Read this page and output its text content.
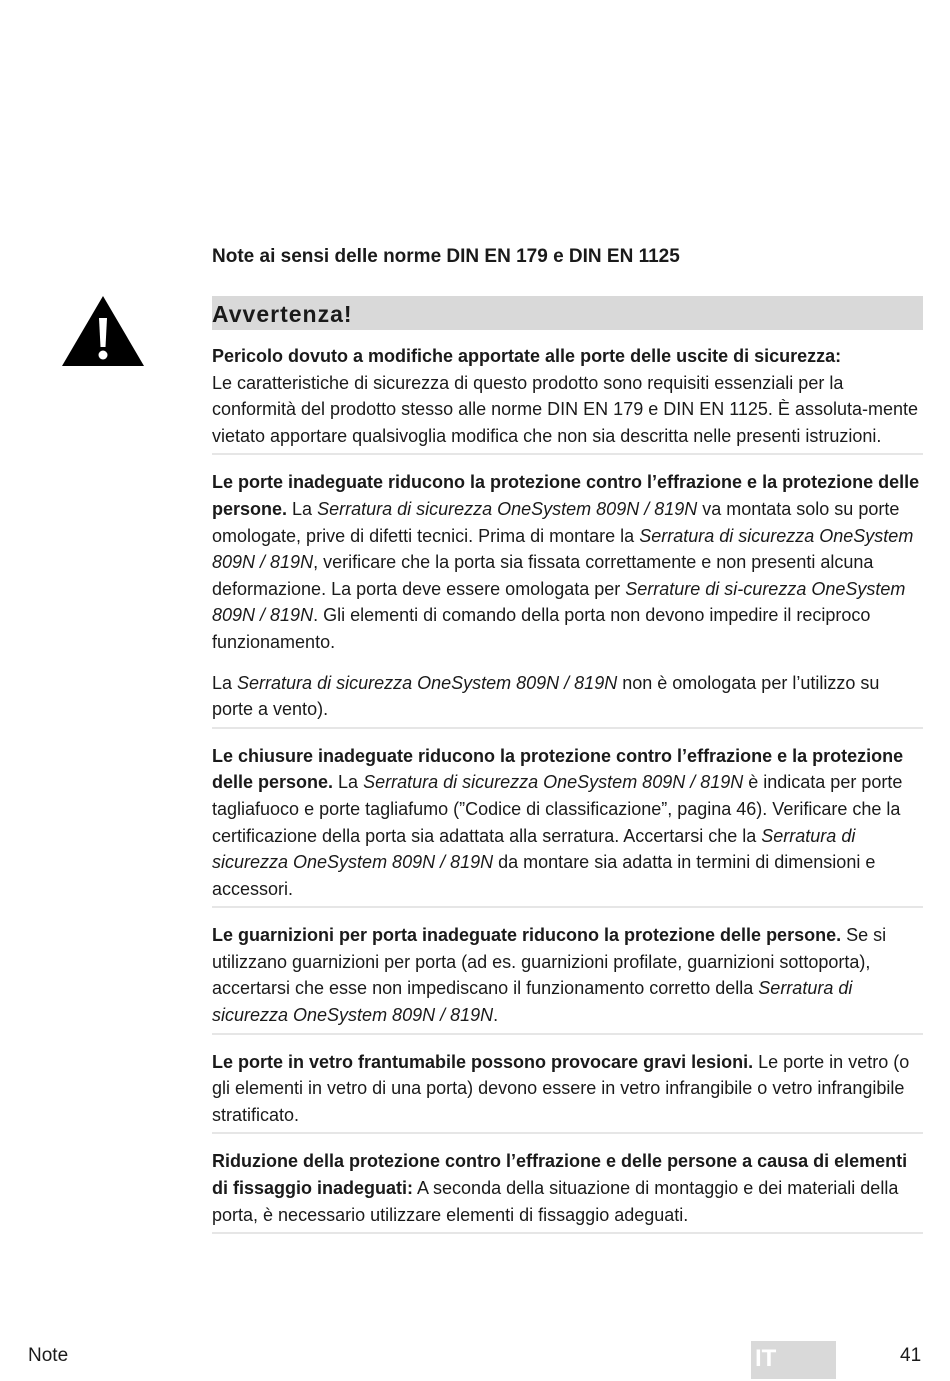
Note ai sensi delle norme DIN EN 179 e DIN EN 1125
Avvertenza!

Pericolo dovuto a modifiche apportate alle porte delle uscite di sicurezza:
Le caratteristiche di sicurezza di questo prodotto sono requisiti essenziali per la conformità del prodotto stesso alle norme DIN EN 179 e DIN EN 1125. È assoluta-mente vietato apportare qualsivoglia modifica che non sia descritta nelle presenti istruzioni.

Le porte inadeguate riducono la protezione contro l’effrazione e la protezione delle persone. La Serratura di sicurezza OneSystem 809N / 819N va montata solo su porte omologate, prive di difetti tecnici. Prima di montare la Serratura di sicurezza OneSystem 809N / 819N, verificare che la porta sia fissata correttamente e non presenti alcuna deformazione. La porta deve essere omologata per Serrature di si-curezza OneSystem 809N / 819N. Gli elementi di comando della porta non devono impedire il reciproco funzionamento.

La Serratura di sicurezza OneSystem 809N / 819N non è omologata per l’utilizzo su porte a vento).

Le chiusure inadeguate riducono la protezione contro l’effrazione e la protezione delle persone. La Serratura di sicurezza OneSystem 809N / 819N è indicata per porte tagliafuoco e porte tagliafumo (”Codice di classificazione”, pagina 46). Verificare che la certificazione della porta sia adattata alla serratura. Accertarsi che la Serratura di sicurezza OneSystem 809N / 819N da montare sia adatta in termini di dimensioni e accessori.

Le guarnizioni per porta inadeguate riducono la protezione delle persone. Se si utilizzano guarnizioni per porta (ad es. guarnizioni profilate, guarnizioni sottoporta), accertarsi che esse non impediscano il funzionamento corretto della Serratura di sicurezza OneSystem 809N / 819N.

Le porte in vetro frantumabile possono provocare gravi lesioni. Le porte in vetro (o gli elementi in vetro di una porta) devono essere in vetro infrangibile o vetro infrangibile stratificato.

Riduzione della protezione contro l’effrazione e delle persone a causa di elementi di fissaggio inadeguati: A seconda della situazione di montaggio e dei materiali della porta, è necessario utilizzare elementi di fissaggio adeguati.

Note	IT	41
